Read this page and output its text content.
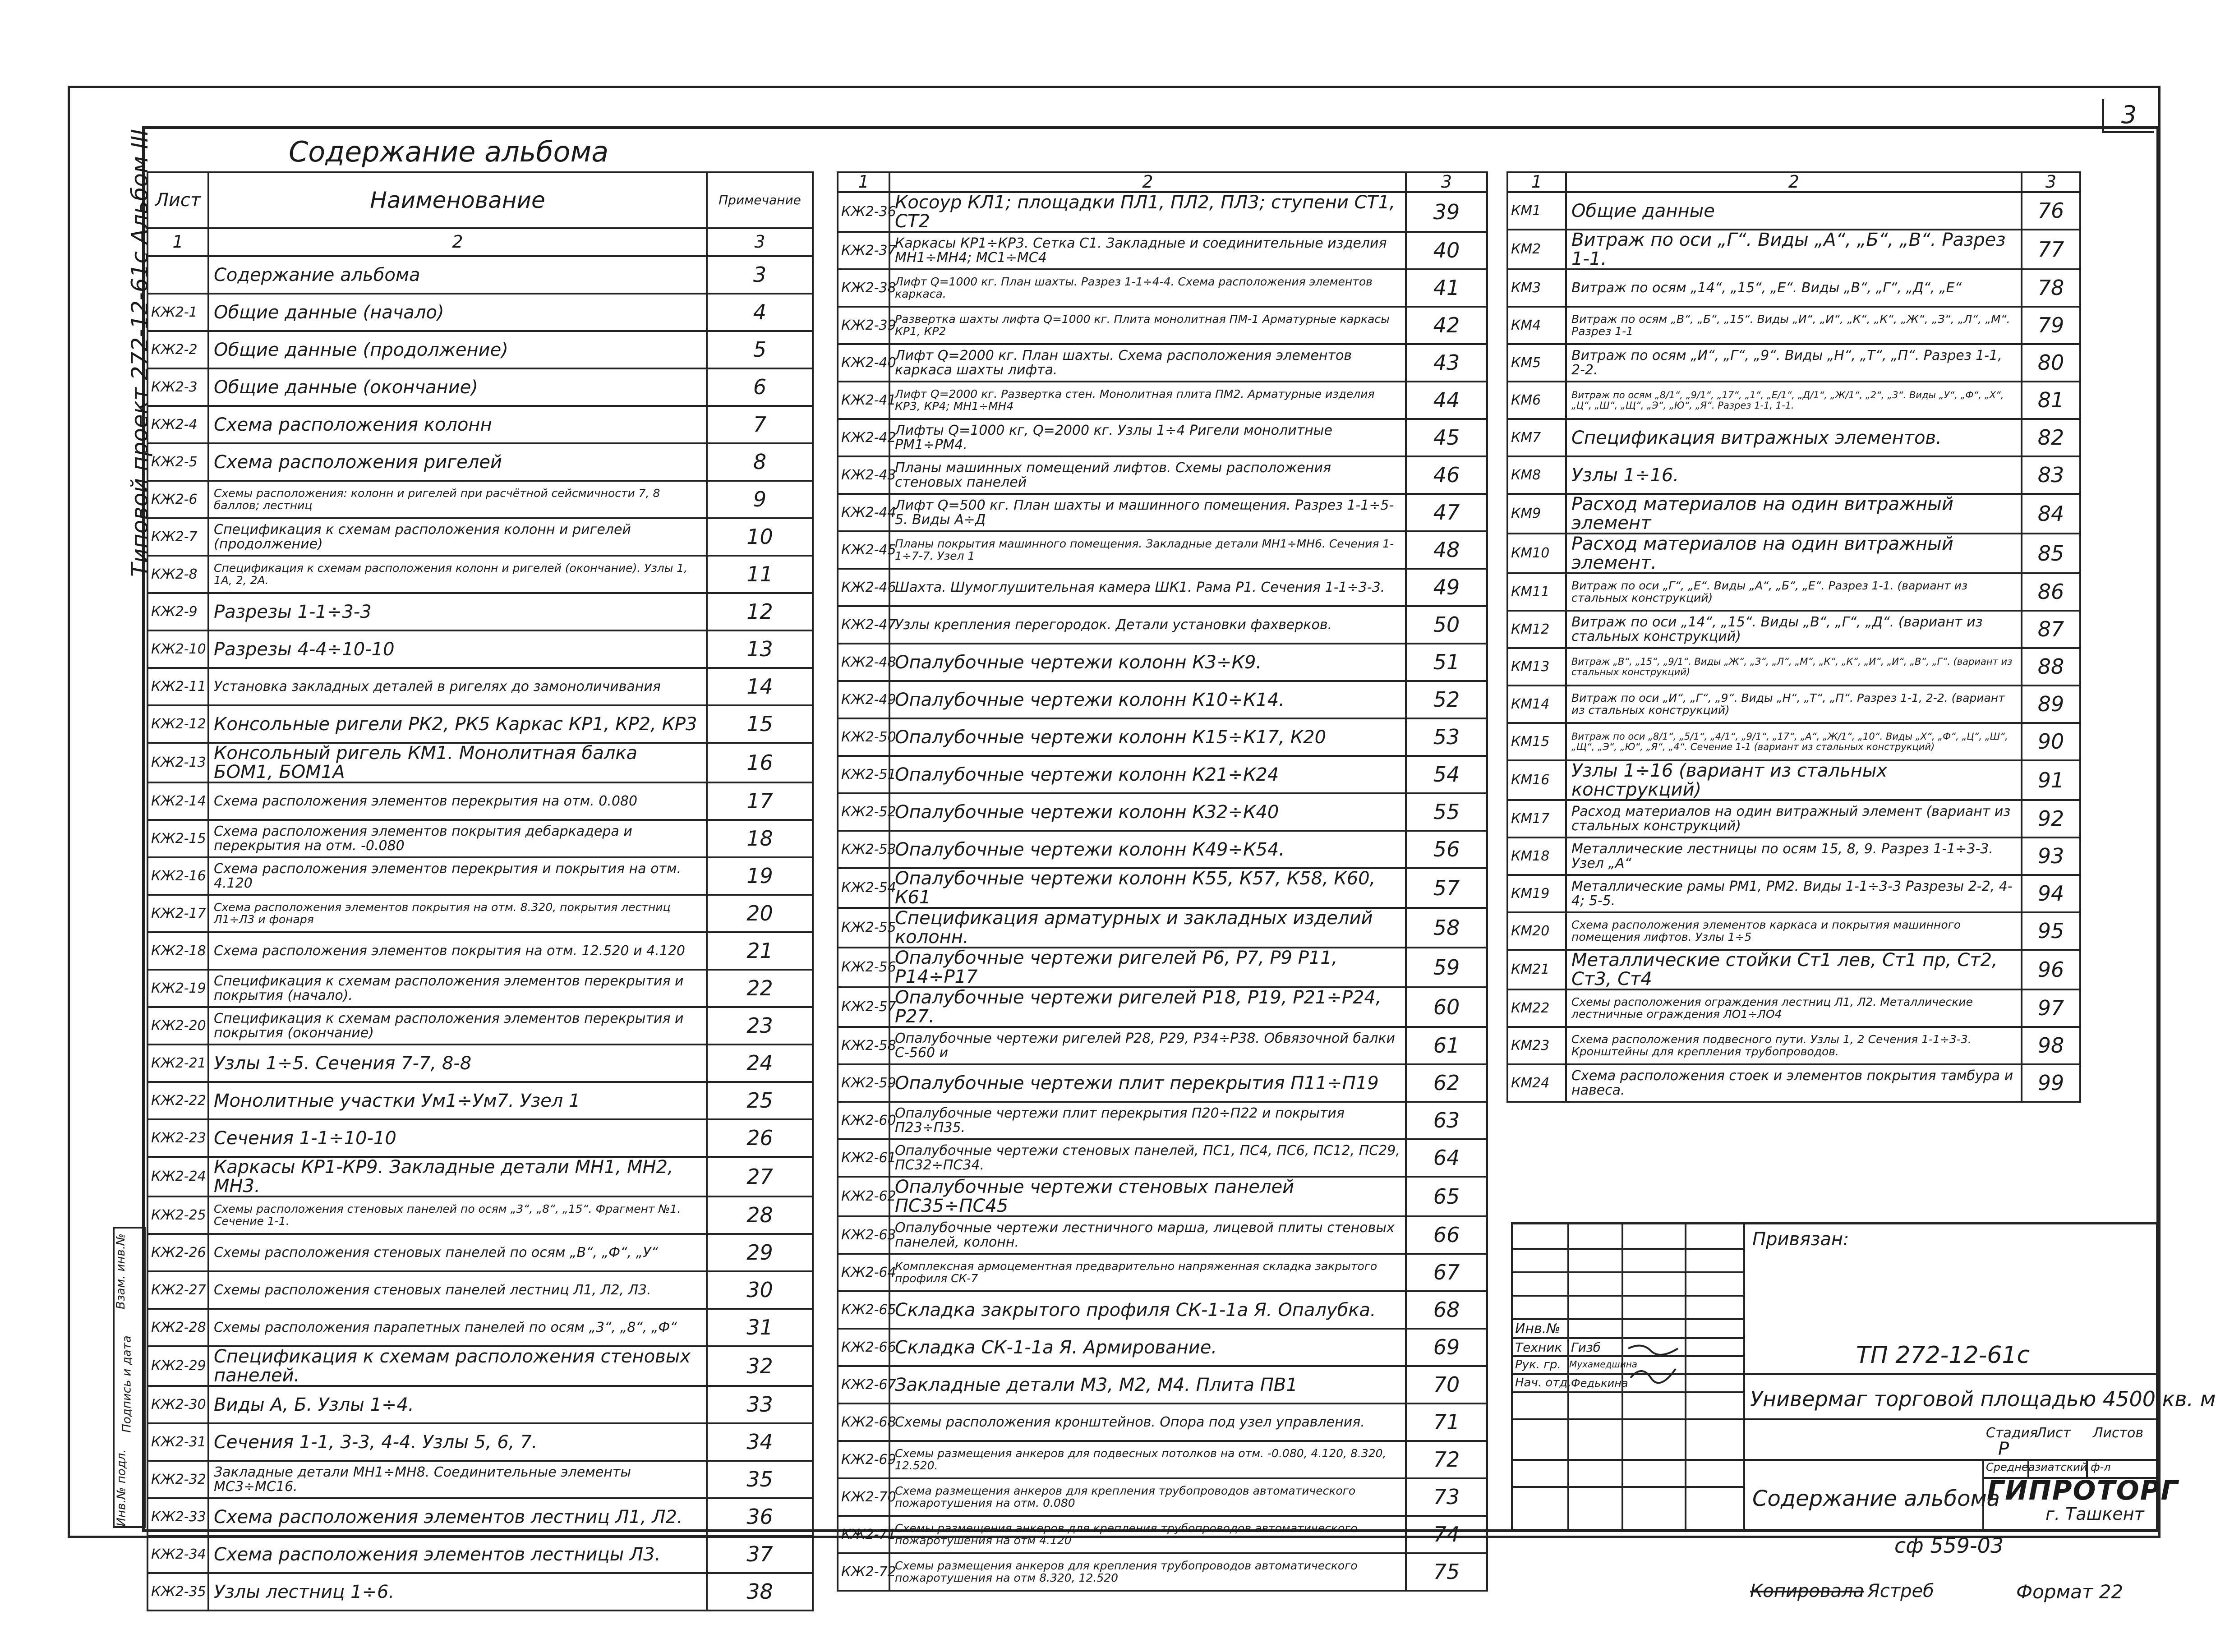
3
Типовой проект 272-12-61с Альбом III
Инв.№ подл.
Подпись и дата
Взам. инв.№
Содержание альбома
Лист	Наименование	Примечание
1	2	3
	Содержание альбома	3
КЖ2-1	Общие данные (начало)	4
КЖ2-2	Общие данные (продолжение)	5
КЖ2-3	Общие данные (окончание)	6
КЖ2-4	Схема расположения колонн	7
КЖ2-5	Схема расположения ригелей	8
КЖ2-6	Схемы расположения: колонн и ригелей при расчётной сейсмичности 7, 8 баллов; лестниц	9
КЖ2-7	Спецификация к схемам расположения колонн и ригелей (продолжение)	10
КЖ2-8	Спецификация к схемам расположения колонн и ригелей (окончание). Узлы 1, 1А, 2, 2А.	11
КЖ2-9	Разрезы 1-1÷3-3	12
КЖ2-10	Разрезы 4-4÷10-10	13
КЖ2-11	Установка закладных деталей в ригелях до замоноличивания	14
КЖ2-12	Консольные ригели РК2, РК5 Каркас КР1, КР2, КР3	15
КЖ2-13	Консольный ригель КМ1. Монолитная балка БОМ1, БОМ1А	16
КЖ2-14	Схема расположения элементов перекрытия на отм. 0.080	17
КЖ2-15	Схема расположения элементов покрытия дебаркадера и перекрытия на отм. -0.080	18
КЖ2-16	Схема расположения элементов перекрытия и покрытия на отм. 4.120	19
КЖ2-17	Схема расположения элементов покрытия на отм. 8.320, покрытия лестниц Л1÷Л3 и фонаря	20
КЖ2-18	Схема расположения элементов покрытия на отм. 12.520 и 4.120	21
КЖ2-19	Спецификация к схемам расположения элементов перекрытия и покрытия (начало).	22
КЖ2-20	Спецификация к схемам расположения элементов перекрытия и покрытия (окончание)	23
КЖ2-21	Узлы 1÷5. Сечения 7-7, 8-8	24
КЖ2-22	Монолитные участки Ум1÷Ум7. Узел 1	25
КЖ2-23	Сечения 1-1÷10-10	26
КЖ2-24	Каркасы КР1-КР9. Закладные детали МН1, МН2, МН3.	27
КЖ2-25	Схемы расположения стеновых панелей по осям „3“, „8“, „15“. Фрагмент №1. Сечение 1-1.	28
КЖ2-26	Схемы расположения стеновых панелей по осям „В“, „Ф“, „У“	29
КЖ2-27	Схемы расположения стеновых панелей лестниц Л1, Л2, Л3.	30
КЖ2-28	Схемы расположения парапетных панелей по осям „3“, „8“, „Ф“	31
КЖ2-29	Спецификация к схемам расположения стеновых панелей.	32
КЖ2-30	Виды А, Б. Узлы 1÷4.	33
КЖ2-31	Сечения 1-1, 3-3, 4-4. Узлы 5, 6, 7.	34
КЖ2-32	Закладные детали МН1÷МН8. Соединительные элементы МС3÷МС16.	35
КЖ2-33	Схема расположения элементов лестниц Л1, Л2.	36
КЖ2-34	Схема расположения элементов лестницы Л3.	37
КЖ2-35	Узлы лестниц 1÷6.	38
1	2	3
КЖ2-36	Косоур КЛ1; площадки ПЛ1, ПЛ2, ПЛ3; ступени СТ1, СТ2	39
КЖ2-37	Каркасы КР1÷КР3. Сетка С1. Закладные и соединительные изделия МН1÷МН4; МС1÷МС4	40
КЖ2-38	Лифт Q=1000 кг. План шахты. Разрез 1-1÷4-4. Схема расположения элементов каркаса.	41
КЖ2-39	Развертка шахты лифта Q=1000 кг. Плита монолитная ПМ-1 Арматурные каркасы КР1, КР2	42
КЖ2-40	Лифт Q=2000 кг. План шахты. Схема расположения элементов каркаса шахты лифта.	43
КЖ2-41	Лифт Q=2000 кг. Развертка стен. Монолитная плита ПМ2. Арматурные изделия КР3, КР4; МН1÷МН4	44
КЖ2-42	Лифты Q=1000 кг, Q=2000 кг. Узлы 1÷4 Ригели монолитные РМ1÷РМ4.	45
КЖ2-43	Планы машинных помещений лифтов. Схемы расположения стеновых панелей	46
КЖ2-44	Лифт Q=500 кг. План шахты и машинного помещения. Разрез 1-1÷5-5. Виды А÷Д	47
КЖ2-45	Планы покрытия машинного помещения. Закладные детали МН1÷МН6. Сечения 1-1÷7-7. Узел 1	48
КЖ2-46	Шахта. Шумоглушительная камера ШК1. Рама Р1. Сечения 1-1÷3-3.	49
КЖ2-47	Узлы крепления перегородок. Детали установки фахверков.	50
КЖ2-48	Опалубочные чертежи колонн К3÷К9.	51
КЖ2-49	Опалубочные чертежи колонн К10÷К14.	52
КЖ2-50	Опалубочные чертежи колонн К15÷К17, К20	53
КЖ2-51	Опалубочные чертежи колонн К21÷К24	54
КЖ2-52	Опалубочные чертежи колонн К32÷К40	55
КЖ2-53	Опалубочные чертежи колонн К49÷К54.	56
КЖ2-54	Опалубочные чертежи колонн К55, К57, К58, К60, К61	57
КЖ2-55	Спецификация арматурных и закладных изделий колонн.	58
КЖ2-56	Опалубочные чертежи ригелей Р6, Р7, Р9 Р11, Р14÷Р17	59
КЖ2-57	Опалубочные чертежи ригелей Р18, Р19, Р21÷Р24, Р27.	60
КЖ2-58	Опалубочные чертежи ригелей Р28, Р29, Р34÷Р38. Обвязочной балки С-560 и	61
КЖ2-59	Опалубочные чертежи плит перекрытия П11÷П19	62
КЖ2-60	Опалубочные чертежи плит перекрытия П20÷П22 и покрытия П23÷П35.	63
КЖ2-61	Опалубочные чертежи стеновых панелей, ПС1, ПС4, ПС6, ПС12, ПС29, ПС32÷ПС34.	64
КЖ2-62	Опалубочные чертежи стеновых панелей ПС35÷ПС45	65
КЖ2-63	Опалубочные чертежи лестничного марша, лицевой плиты стеновых панелей, колонн.	66
КЖ2-64	Комплексная армоцементная предварительно напряженная складка закрытого профиля СК-7	67
КЖ2-65	Складка закрытого профиля СК-1-1а Я. Опалубка.	68
КЖ2-66	Складка СК-1-1а Я. Армирование.	69
КЖ2-67	Закладные детали М3, М2, М4. Плита ПВ1	70
КЖ2-68	Схемы расположения кронштейнов. Опора под узел управления.	71
КЖ2-69	Схемы размещения анкеров для подвесных потолков на отм. -0.080, 4.120, 8.320, 12.520.	72
КЖ2-70	Схема размещения анкеров для крепления трубопроводов автоматического пожаротушения на отм. 0.080	73
КЖ2-71	Схемы размещения анкеров для крепления трубопроводов автоматического пожаротушения на отм 4.120	74
КЖ2-72	Схемы размещения анкеров для крепления трубопроводов автоматического пожаротушения на отм 8.320, 12.520	75
1	2	3
КМ1	Общие данные	76
КМ2	Витраж по оси „Г“. Виды „А“, „Б“, „В“. Разрез 1-1.	77
КМ3	Витраж по осям „14“, „15“, „Е“. Виды „В“, „Г“, „Д“, „Е“	78
КМ4	Витраж по осям „В“, „Б“, „15“. Виды „И“, „И“, „К“, „К“, „Ж“, „З“, „Л“, „М“. Разрез 1-1	79
КМ5	Витраж по осям „И“, „Г“, „9“. Виды „Н“, „Т“, „П“. Разрез 1-1, 2-2.	80
КМ6	Витраж по осям „8/1“, „9/1“, „17“, „1“, „Е/1“, „Д/1“, „Ж/1“, „2“, „3“. Виды „У“, „Ф“, „Х“, „Ц“, „Ш“, „Щ“, „Э“, „Ю“, „Я“. Разрез 1-1, 1-1.	81
КМ7	Спецификация витражных элементов.	82
КМ8	Узлы 1÷16.	83
КМ9	Расход материалов на один витражный элемент	84
КМ10	Расход материалов на один витражный элемент.	85
КМ11	Витраж по оси „Г“, „Е“. Виды „А“, „Б“, „Е“. Разрез 1-1. (вариант из стальных конструкций)	86
КМ12	Витраж по оси „14“, „15“. Виды „В“, „Г“, „Д“. (вариант из стальных конструкций)	87
КМ13	Витраж „В“, „15“, „9/1“. Виды „Ж“, „З“, „Л“, „М“, „К“, „К“, „И“, „И“, „В“, „Г“. (вариант из стальных конструкций)	88
КМ14	Витраж по оси „И“, „Г“, „9“. Виды „Н“, „Т“, „П“. Разрез 1-1, 2-2. (вариант из стальных конструкций)	89
КМ15	Витраж по оси „8/1“, „5/1“, „4/1“, „9/1“, „17“, „А“, „Ж/1“, „10“. Виды „Х“, „Ф“, „Ц“, „Ш“, „Щ“, „Э“, „Ю“, „Я“, „4“. Сечение 1-1 (вариант из стальных конструкций)	90
КМ16	Узлы 1÷16 (вариант из стальных конструкций)	91
КМ17	Расход материалов на один витражный элемент (вариант из стальных конструкций)	92
КМ18	Металлические лестницы по осям 15, 8, 9. Разрез 1-1÷3-3. Узел „А“	93
КМ19	Металлические рамы РМ1, РМ2. Виды 1-1÷3-3 Разрезы 2-2, 4-4; 5-5.	94
КМ20	Схема расположения элементов каркаса и покрытия машинного помещения лифтов. Узлы 1÷5	95
КМ21	Металлические стойки Ст1 лев, Ст1 пр, Ст2, Ст3, Ст4	96
КМ22	Схемы расположения ограждения лестниц Л1, Л2. Металлические лестничные ограждения ЛО1÷ЛО4	97
КМ23	Схема расположения подвесного пути. Узлы 1, 2 Сечения 1-1÷3-3. Кронштейны для крепления трубопроводов.	98
КМ24	Схема расположения стоек и элементов покрытия тамбура и навеса.	99
Привязан:
Инв.№
Техник Гизб
Рук. гр. Мухамедшина
Нач. отд. Федькина
ТП 272-12-61с
Универмаг торговой площадью 4500 кв. м
Стадия
Лист Листов
Р
Содержание альбома
Среднеазиатский ф-л
ГИПРОТОРГ
г. Ташкент
сф 559-03
Копировала Ястреб	Формат 22
